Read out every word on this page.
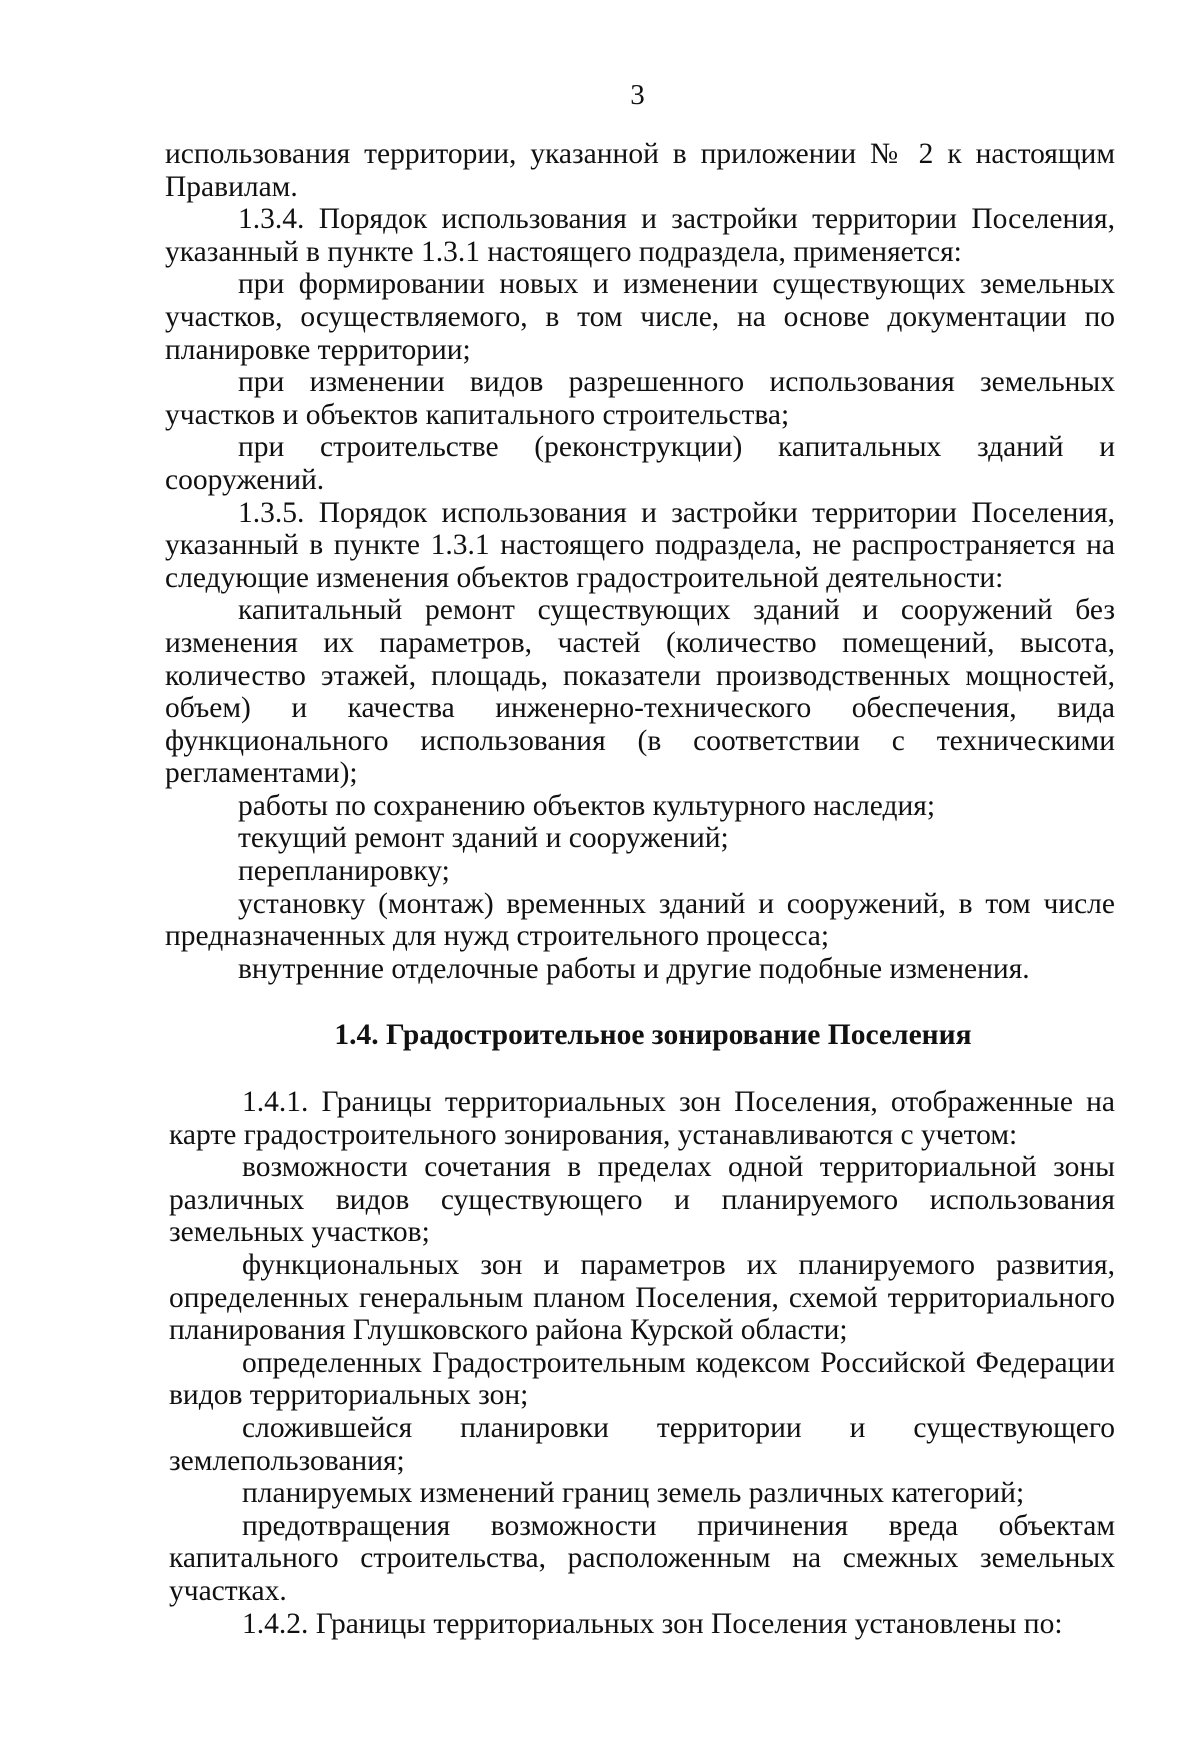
3

использования территории, указанной в приложении № 2 к настоящим Правилам.

1.3.4. Порядок использования и застройки территории Поселения, указанный в пункте 1.3.1 настоящего подраздела, применяется:

при формировании новых и изменении существующих земельных участков, осуществляемого, в том числе, на основе документации по планировке территории;

при изменении видов разрешенного использования земельных участков и объектов капитального строительства;

при строительстве (реконструкции) капитальных зданий и сооружений.

1.3.5. Порядок использования и застройки территории Поселения, указанный в пункте 1.3.1 настоящего подраздела, не распространяется на следующие изменения объектов градостроительной деятельности:

капитальный ремонт существующих зданий и сооружений без изменения их параметров, частей (количество помещений, высота, количество этажей, площадь, показатели производственных мощностей, объем) и качества инженерно-технического обеспечения, вида функционального использования (в соответствии с техническими регламентами);

работы по сохранению объектов культурного наследия;

текущий ремонт зданий и сооружений;

перепланировку;

установку (монтаж) временных зданий и сооружений, в том числе предназначенных для нужд строительного процесса;

внутренние отделочные работы и другие подобные изменения.

1.4. Градостроительное зонирование Поселения

1.4.1. Границы территориальных зон Поселения, отображенные на карте градостроительного зонирования, устанавливаются с учетом:

возможности сочетания в пределах одной территориальной зоны различных видов существующего и планируемого использования земельных участков;

функциональных зон и параметров их планируемого развития, определенных генеральным планом Поселения, схемой территориального планирования Глушковского района Курской области;

определенных Градостроительным кодексом Российской Федерации видов территориальных зон;

сложившейся планировки территории и существующего землепользования;

планируемых изменений границ земель различных категорий;

предотвращения возможности причинения вреда объектам капитального строительства, расположенным на смежных земельных участках.

1.4.2. Границы территориальных зон Поселения установлены по:
